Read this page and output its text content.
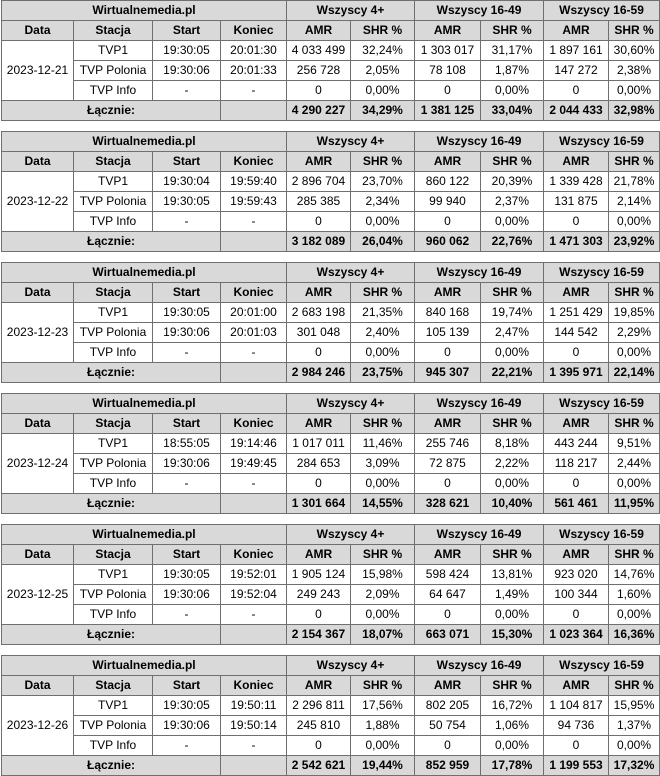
Wirtualnemedia.pl				Wszyscy 4+		Wszyscy 16-49		Wszyscy 16-59	
Data	Stacja	Start	Koniec	AMR	SHR %	AMR	SHR %	AMR	SHR %
2023-12-21	TVP1	19:30:05	20:01:30	4 033 499	32,24%	1 303 017	31,17%	1 897 161	30,60%
	TVP Polonia	19:30:06	20:01:33	256 728	2,05%	78 108	1,87%	147 272	2,38%
	TVP Info	-	-	0	0,00%	0	0,00%	0	0,00%
Łącznie:				4 290 227	34,29%	1 381 125	33,04%	2 044 433	32,98%
Wirtualnemedia.pl				Wszyscy 4+		Wszyscy 16-49		Wszyscy 16-59	
Data	Stacja	Start	Koniec	AMR	SHR %	AMR	SHR %	AMR	SHR %
2023-12-22	TVP1	19:30:04	19:59:40	2 896 704	23,70%	860 122	20,39%	1 339 428	21,78%
	TVP Polonia	19:30:05	19:59:43	285 385	2,34%	99 940	2,37%	131 875	2,14%
	TVP Info	-	-	0	0,00%	0	0,00%	0	0,00%
Łącznie:				3 182 089	26,04%	960 062	22,76%	1 471 303	23,92%
Wirtualnemedia.pl				Wszyscy 4+		Wszyscy 16-49		Wszyscy 16-59	
Data	Stacja	Start	Koniec	AMR	SHR %	AMR	SHR %	AMR	SHR %
2023-12-23	TVP1	19:30:05	20:01:00	2 683 198	21,35%	840 168	19,74%	1 251 429	19,85%
	TVP Polonia	19:30:06	20:01:03	301 048	2,40%	105 139	2,47%	144 542	2,29%
	TVP Info	-	-	0	0,00%	0	0,00%	0	0,00%
Łącznie:				2 984 246	23,75%	945 307	22,21%	1 395 971	22,14%
Wirtualnemedia.pl				Wszyscy 4+		Wszyscy 16-49		Wszyscy 16-59	
Data	Stacja	Start	Koniec	AMR	SHR %	AMR	SHR %	AMR	SHR %
2023-12-24	TVP1	18:55:05	19:14:46	1 017 011	11,46%	255 746	8,18%	443 244	9,51%
	TVP Polonia	19:30:06	19:49:45	284 653	3,09%	72 875	2,22%	118 217	2,44%
	TVP Info	-	-	0	0,00%	0	0,00%	0	0,00%
Łącznie:				1 301 664	14,55%	328 621	10,40%	561 461	11,95%
Wirtualnemedia.pl				Wszyscy 4+		Wszyscy 16-49		Wszyscy 16-59	
Data	Stacja	Start	Koniec	AMR	SHR %	AMR	SHR %	AMR	SHR %
2023-12-25	TVP1	19:30:05	19:52:01	1 905 124	15,98%	598 424	13,81%	923 020	14,76%
	TVP Polonia	19:30:06	19:52:04	249 243	2,09%	64 647	1,49%	100 344	1,60%
	TVP Info	-	-	0	0,00%	0	0,00%	0	0,00%
Łącznie:				2 154 367	18,07%	663 071	15,30%	1 023 364	16,36%
Wirtualnemedia.pl				Wszyscy 4+		Wszyscy 16-49		Wszyscy 16-59	
Data	Stacja	Start	Koniec	AMR	SHR %	AMR	SHR %	AMR	SHR %
2023-12-26	TVP1	19:30:05	19:50:11	2 296 811	17,56%	802 205	16,72%	1 104 817	15,95%
	TVP Polonia	19:30:06	19:50:14	245 810	1,88%	50 754	1,06%	94 736	1,37%
	TVP Info	-	-	0	0,00%	0	0,00%	0	0,00%
Łącznie:				2 542 621	19,44%	852 959	17,78%	1 199 553	17,32%
